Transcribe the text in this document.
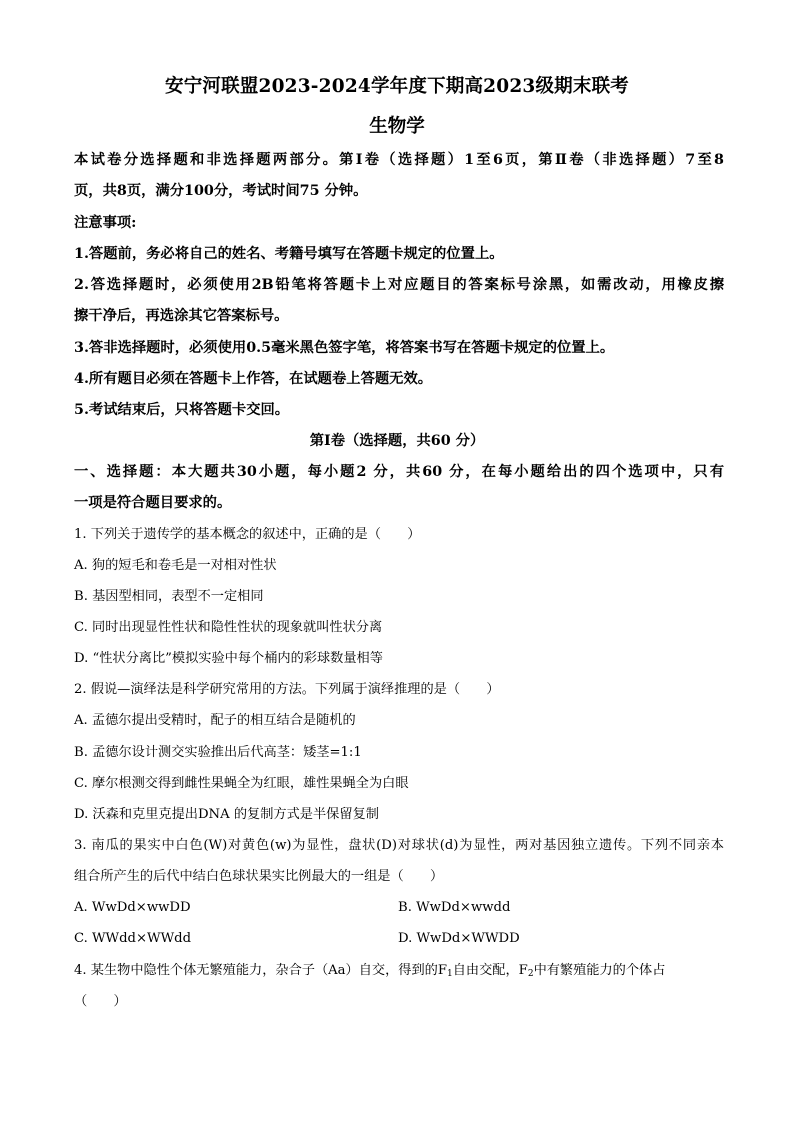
安宁河联盟2023-2024学年度下期高2023级期末联考
生物学
本试卷分选择题和非选择题两部分。第Ⅰ卷（选择题）1至6页，第Ⅱ卷（非选择题）7至8
页，共8页，满分100分，考试时间75 分钟。
注意事项:
1.答题前，务必将自己的姓名、考籍号填写在答题卡规定的位置上。
2.答选择题时，必须使用2B铅笔将答题卡上对应题目的答案标号涂黑，如需改动，用橡皮擦
擦干净后，再选涂其它答案标号。
3.答非选择题时，必须使用0.5毫米黑色签字笔，将答案书写在答题卡规定的位置上。
4.所有题目必须在答题卡上作答，在试题卷上答题无效。
5.考试结束后，只将答题卡交回。
第Ⅰ卷（选择题，共60 分）
一、选择题：本大题共30小题，每小题2 分，共60 分，在每小题给出的四个选项中，只有
一项是符合题目要求的。
1. 下列关于遗传学的基本概念的叙述中，正确的是（　　）
A. 狗的短毛和卷毛是一对相对性状
B. 基因型相同，表型不一定相同
C. 同时出现显性性状和隐性性状的现象就叫性状分离
D. “性状分离比”模拟实验中每个桶内的彩球数量相等
2. 假说—演绎法是科学研究常用的方法。下列属于演绎推理的是（　　）
A. 孟德尔提出受精时，配子的相互结合是随机的
B. 孟德尔设计测交实验推出后代高茎：矮茎=1:1
C. 摩尔根测交得到雌性果蝇全为红眼，雄性果蝇全为白眼
D. 沃森和克里克提出DNA 的复制方式是半保留复制
3. 南瓜的果实中白色(W)对黄色(w)为显性，盘状(D)对球状(d)为显性，两对基因独立遗传。下列不同亲本
组合所产生的后代中结白色球状果实比例最大的一组是（　　）
A. WwDd×wwDD	B. WwDd×wwdd
C. WWdd×WWdd	D. WwDd×WWDD
4. 某生物中隐性个体无繁殖能力，杂合子（Aa）自交，得到的$F_1$自由交配，$F_2$中有繁殖能力的个体占
（　　）
